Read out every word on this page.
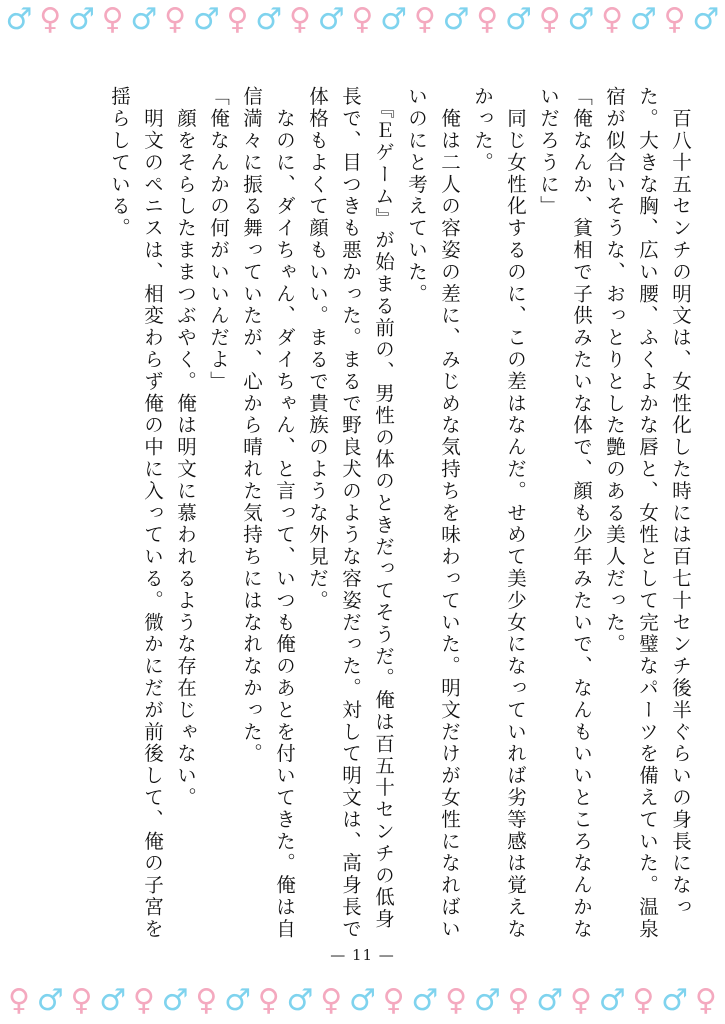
♂ ♀ ♂ ♀ ♂ ♀ ♂ ♀ ♂ ♀ ♂ ♀ ♂ ♀ ♂ ♀ ♂ ♀ ♂ ♀ ♂ ♀ ♂

　百八十五センチの明文は、女性化した時には百七十センチ後半ぐらいの身長になった。大きな胸、広い腰、ふくよかな唇と、女性として完璧なパーツを備えていた。温泉宿が似合いそうな、おっとりとした艶のある美人だった。

「俺なんか、貧相で子供みたいな体で、顔も少年みたいで、なんもいいところなんかないだろうに」

　同じ女性化するのに、この差はなんだ。せめて美少女になっていれば劣等感は覚えなかった。

　俺は二人の容姿の差に、みじめな気持ちを味わっていた。明文だけが女性になればいいのにと考えていた。

　『Ｅゲーム』が始まる前の、男性の体のときだってそうだ。俺は百五十センチの低身長で、目つきも悪かった。まるで野良犬のような容姿だった。対して明文は、高身長で体格もよくて顔もいい。まるで貴族のような外見だ。

　なのに、ダイちゃん、ダイちゃん、と言って、いつも俺のあとを付いてきた。俺は自信満々に振る舞っていたが、心から晴れた気持ちにはなれなかった。

「俺なんかの何がいいんだよ」

　顔をそらしたままつぶやく。俺は明文に慕われるような存在じゃない。

　明文のペニスは、相変わらず俺の中に入っている。微かにだが前後して、俺の子宮を揺らしている。

— 11 —
♀ ♂ ♀ ♂ ♀ ♂ ♀ ♂ ♀ ♂ ♀ ♂ ♀ ♂ ♀ ♂ ♀ ♂ ♀ ♂ ♀ ♂ ♀
